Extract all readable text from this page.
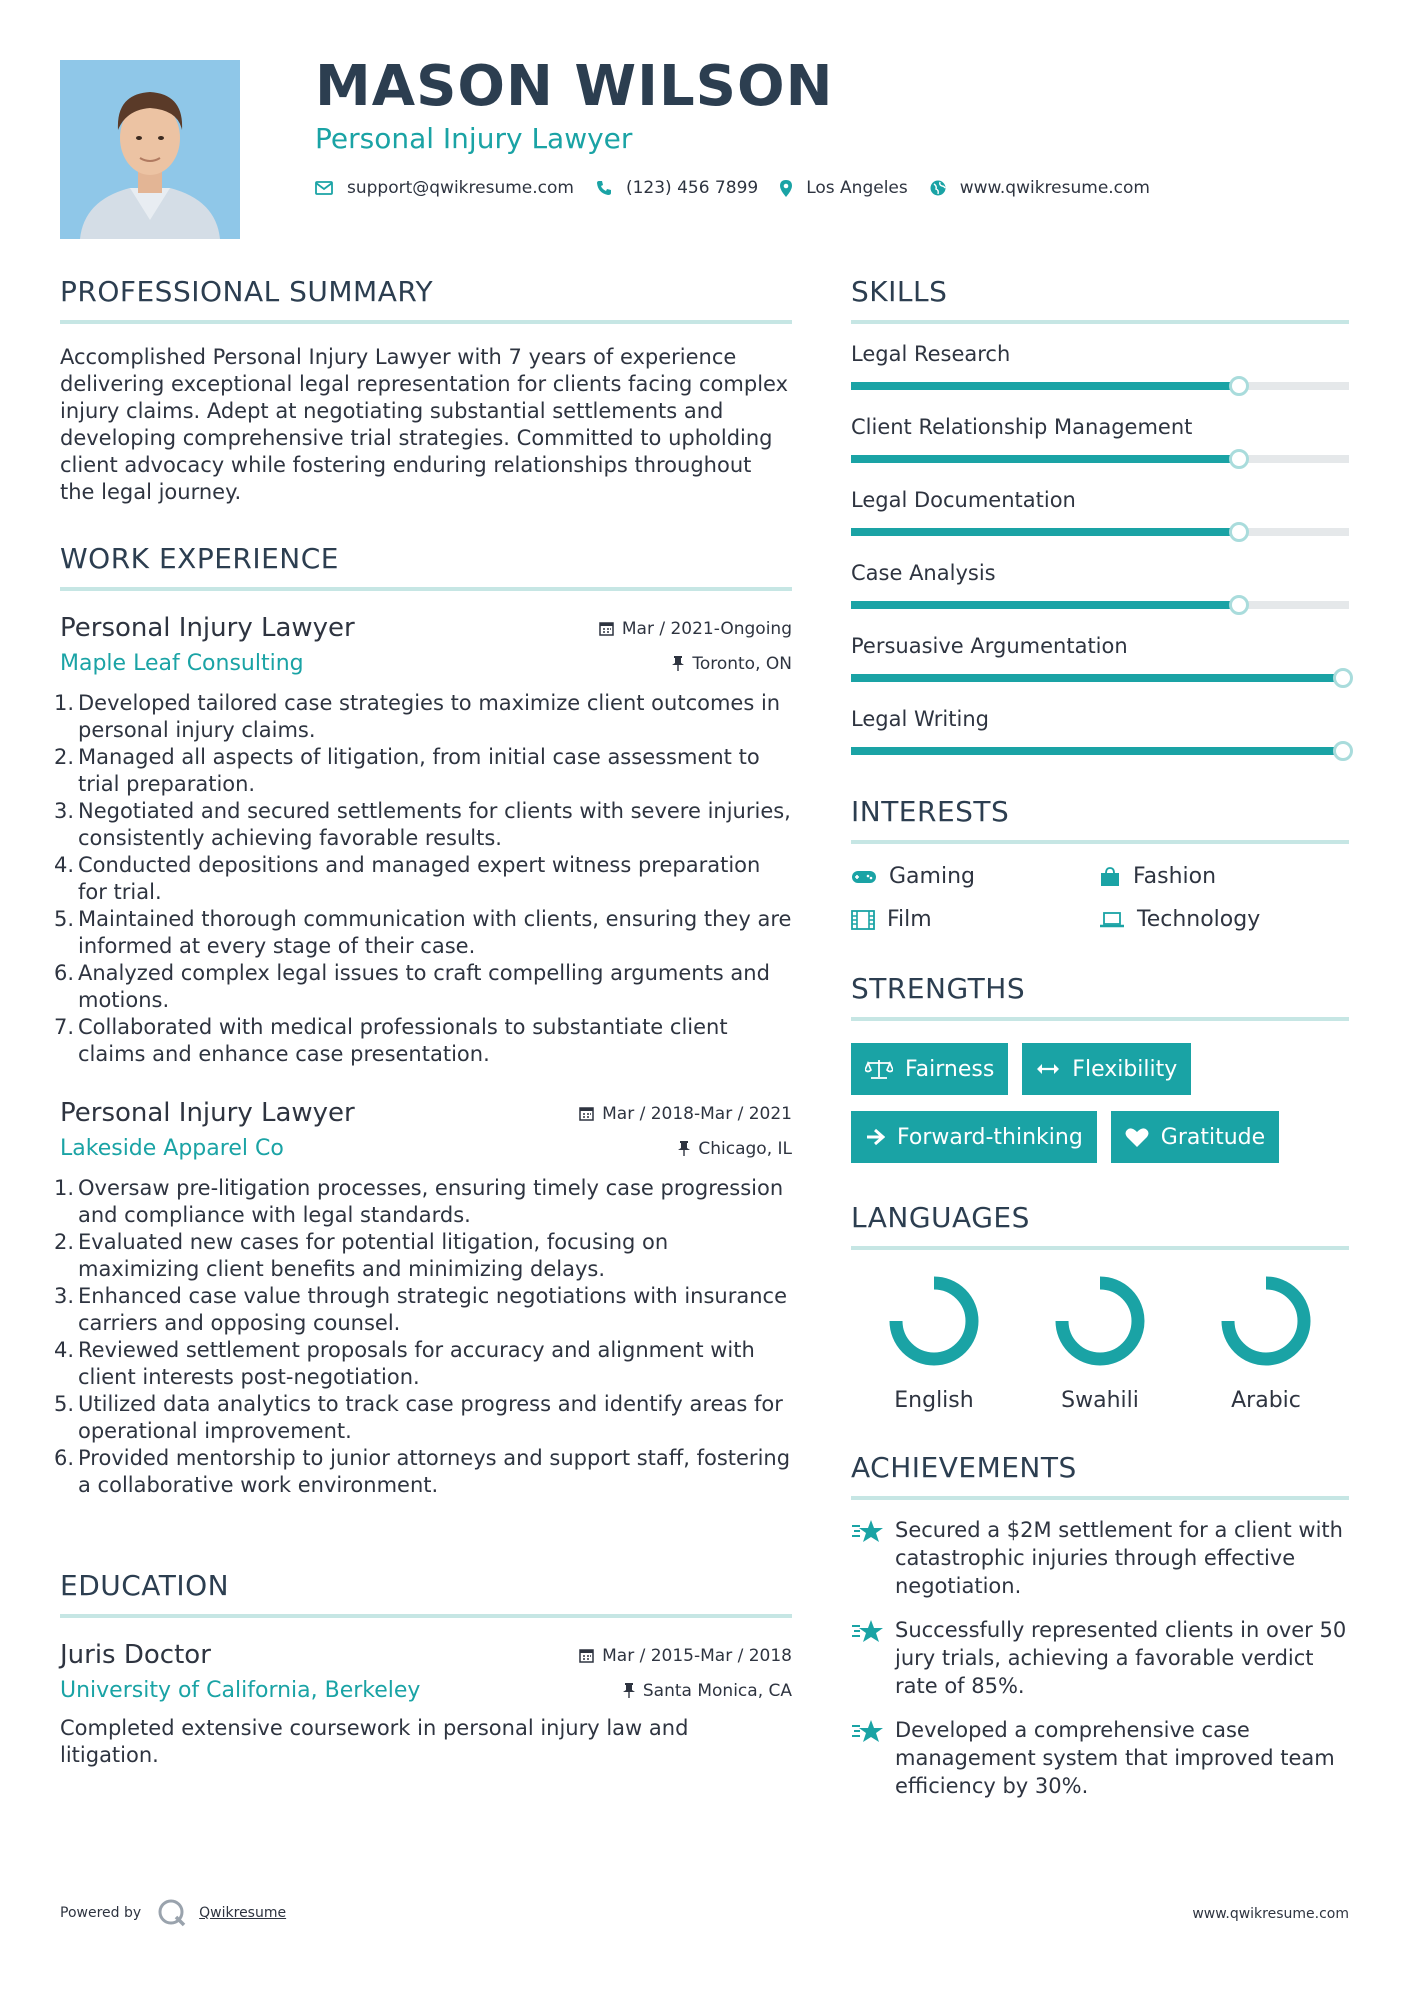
MASON WILSON
Personal Injury Lawyer
support@qwikresume.com	(123) 456 7899	Los Angeles	www.qwikresume.com
PROFESSIONAL SUMMARY

Accomplished Personal Injury Lawyer with 7 years of experience delivering exceptional legal representation for clients facing complex injury claims. Adept at negotiating substantial settlements and developing comprehensive trial strategies. Committed to upholding client advocacy while fostering enduring relationships throughout the legal journey.

WORK EXPERIENCE
Personal Injury Lawyer	Mar / 2021-Ongoing
Maple Leaf Consulting	Toronto, ON
1. Developed tailored case strategies to maximize client outcomes in personal injury claims.
2. Managed all aspects of litigation, from initial case assessment to trial preparation.
3. Negotiated and secured settlements for clients with severe injuries, consistently achieving favorable results.
4. Conducted depositions and managed expert witness preparation for trial.
5. Maintained thorough communication with clients, ensuring they are informed at every stage of their case.
6. Analyzed complex legal issues to craft compelling arguments and motions.
7. Collaborated with medical professionals to substantiate client claims and enhance case presentation.
Personal Injury Lawyer	Mar / 2018-Mar / 2021
Lakeside Apparel Co	Chicago, IL
1. Oversaw pre-litigation processes, ensuring timely case progression and compliance with legal standards.
2. Evaluated new cases for potential litigation, focusing on maximizing client benefits and minimizing delays.
3. Enhanced case value through strategic negotiations with insurance carriers and opposing counsel.
4. Reviewed settlement proposals for accuracy and alignment with client interests post-negotiation.
5. Utilized data analytics to track case progress and identify areas for operational improvement.
6. Provided mentorship to junior attorneys and support staff, fostering a collaborative work environment.
EDUCATION
Juris Doctor	Mar / 2015-Mar / 2018
University of California, Berkeley	Santa Monica, CA

Completed extensive coursework in personal injury law and litigation.

SKILLS
Legal Research
Client Relationship Management
Legal Documentation
Case Analysis
Persuasive Argumentation
Legal Writing
INTERESTS
Gaming	Fashion
Film	Technology
STRENGTHS
Fairness	Flexibility
Forward-thinking	Gratitude
LANGUAGES
English	Swahili	Arabic
ACHIEVEMENTS
Secured a $2M settlement for a client with catastrophic injuries through effective negotiation.
Successfully represented clients in over 50 jury trials, achieving a favorable verdict rate of 85%.
Developed a comprehensive case management system that improved team efficiency by 30%.
Powered by	Qwikresume	www.qwikresume.com
